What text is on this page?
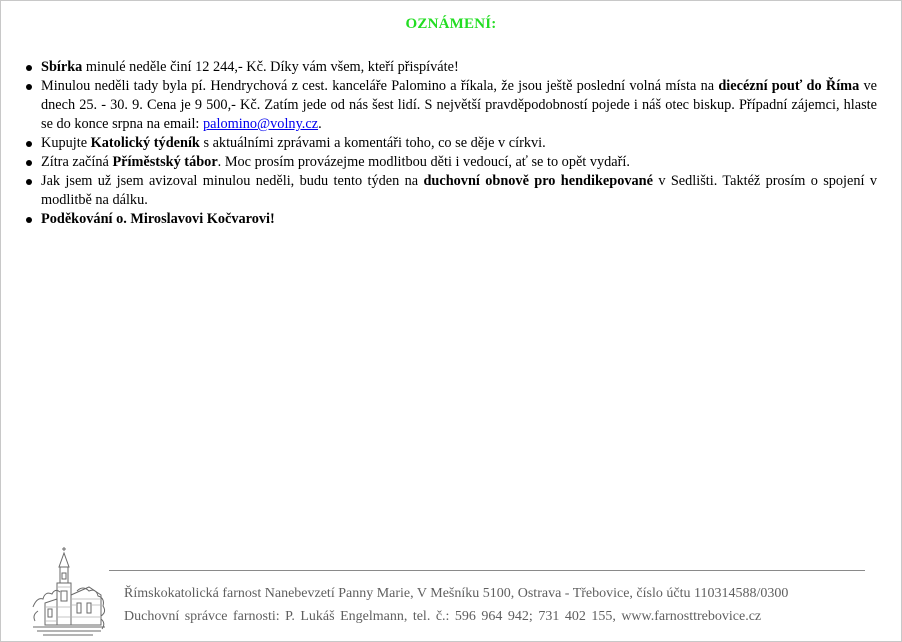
OZNÁMENÍ:
Sbírka minulé neděle činí 12 244,- Kč. Díky vám všem, kteří přispíváte!
Minulou neděli tady byla pí. Hendrychová z cest. kanceláře Palomino a říkala, že jsou ještě poslední volná místa na diecézní pouť do Říma ve dnech 25. - 30. 9. Cena je 9 500,- Kč. Zatím jede od nás šest lidí. S největší pravděpodobností pojede i náš otec biskup. Případní zájemci, hlaste se do konce srpna na email: palomino@volny.cz.
Kupujte Katolický týdeník s aktuálními zprávami a komentáři toho, co se děje v církvi.
Zítra začíná Příměstský tábor. Moc prosím provázejme modlitbou děti i vedoucí, ať se to opět vydaří.
Jak jsem už jsem avizoval minulou neděli, budu tento týden na duchovní obnově pro hendikepované v Sedlišti. Taktéž prosím o spojení v modlitbě na dálku.
Poděkování o. Miroslavovi Kočvarovi!
Římskokatolická farnost Nanebevzetí Panny Marie, V Mešníku 5100, Ostrava - Třebovice, číslo účtu 110314588/0300
Duchovní správce farnosti: P. Lukáš Engelmann, tel. č.: 596 964 942; 731 402 155, www.farnosttrebovice.cz
